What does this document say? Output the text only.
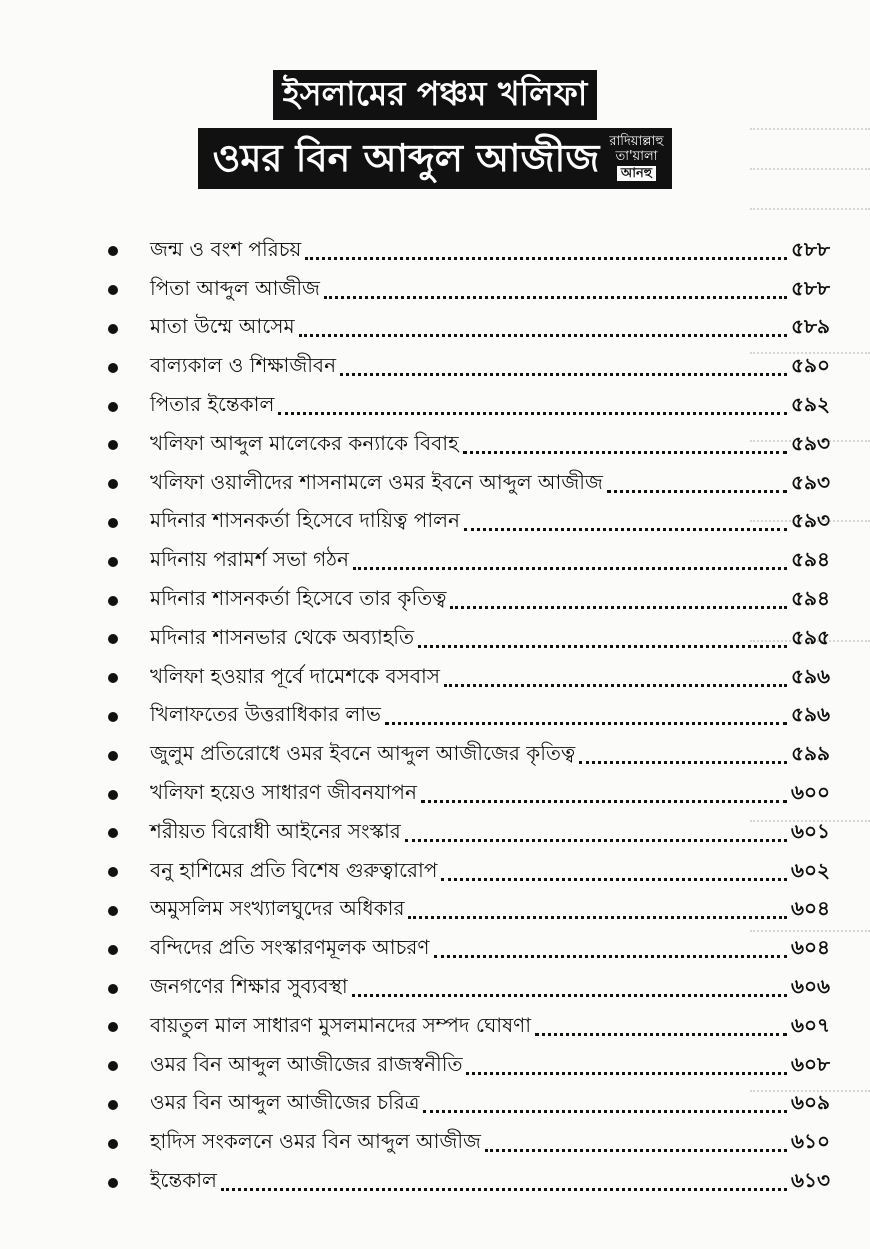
ইসলামের পঞ্চম খলিফা
ওমর বিন আব্দুল আজীজ রাদিয়াল্লাহু
তা'য়ালা
আনহু
জন্ম ও বংশ পরিচয়	৫৮৮
পিতা আব্দুল আজীজ	৫৮৮
মাতা উম্মে আসেম	৫৮৯
বাল্যকাল ও শিক্ষাজীবন	৫৯০
পিতার ইন্তেকাল	৫৯২
খলিফা আব্দুল মালেকের কন্যাকে বিবাহ	৫৯৩
খলিফা ওয়ালীদের শাসনামলে ওমর ইবনে আব্দুল আজীজ	৫৯৩
মদিনার শাসনকর্তা হিসেবে দায়িত্ব পালন	৫৯৩
মদিনায় পরামর্শ সভা গঠন	৫৯৪
মদিনার শাসনকর্তা হিসেবে তার কৃতিত্ব	৫৯৪
মদিনার শাসনভার থেকে অব্যাহতি	৫৯৫
খলিফা হওয়ার পূর্বে দামেশকে বসবাস	৫৯৬
খিলাফতের উত্তরাধিকার লাভ	৫৯৬
জুলুম প্রতিরোধে ওমর ইবনে আব্দুল আজীজের কৃতিত্ব	৫৯৯
খলিফা হয়েও সাধারণ জীবনযাপন	৬০০
শরীয়ত বিরোধী আইনের সংস্কার	৬০১
বনু হাশিমের প্রতি বিশেষ গুরুত্বারোপ	৬০২
অমুসলিম সংখ্যালঘুদের অধিকার	৬০৪
বন্দিদের প্রতি সংস্কারণমূলক আচরণ	৬০৪
জনগণের শিক্ষার সুব্যবস্থা	৬০৬
বায়তুল মাল সাধারণ মুসলমানদের সম্পদ ঘোষণা	৬০৭
ওমর বিন আব্দুল আজীজের রাজস্বনীতি	৬০৮
ওমর বিন আব্দুল আজীজের চরিত্র	৬০৯
হাদিস সংকলনে ওমর বিন আব্দুল আজীজ	৬১০
ইন্তেকাল	৬১৩
